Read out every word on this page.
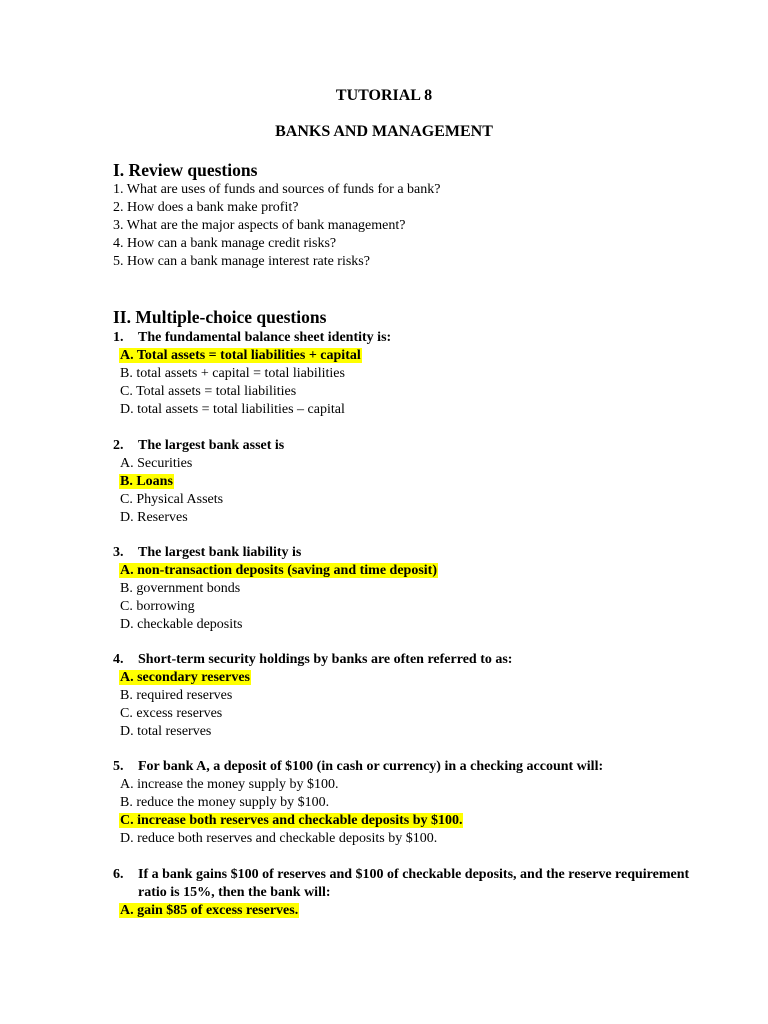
TUTORIAL 8
BANKS AND MANAGEMENT
I. Review questions
1. What are uses of funds and sources of funds for a bank?
2. How does a bank make profit?
3. What are the major aspects of bank management?
4. How can a bank manage credit risks?
5. How can a bank manage interest rate risks?
II. Multiple-choice questions
1.	The fundamental balance sheet identity is:
A. Total assets = total liabilities + capital
B. total assets + capital = total liabilities
C. Total assets = total liabilities
D. total assets = total liabilities – capital
2.	The largest bank asset is
A. Securities
B. Loans
C. Physical Assets
D. Reserves
3.	The largest bank liability is
A. non-transaction deposits (saving and time deposit)
B. government bonds
C. borrowing
D. checkable deposits
4.	Short-term security holdings by banks are often referred to as:
A. secondary reserves
B. required reserves
C. excess reserves
D. total reserves
5.	For bank A, a deposit of $100 (in cash or currency) in a checking account will:
A. increase the money supply by $100.
B. reduce the money supply by $100.
C. increase both reserves and checkable deposits by $100.
D. reduce both reserves and checkable deposits by $100.
6.	If a bank gains $100 of reserves and $100 of checkable deposits, and the reserve requirement ratio is 15%, then the bank will:
A. gain $85 of excess reserves.
